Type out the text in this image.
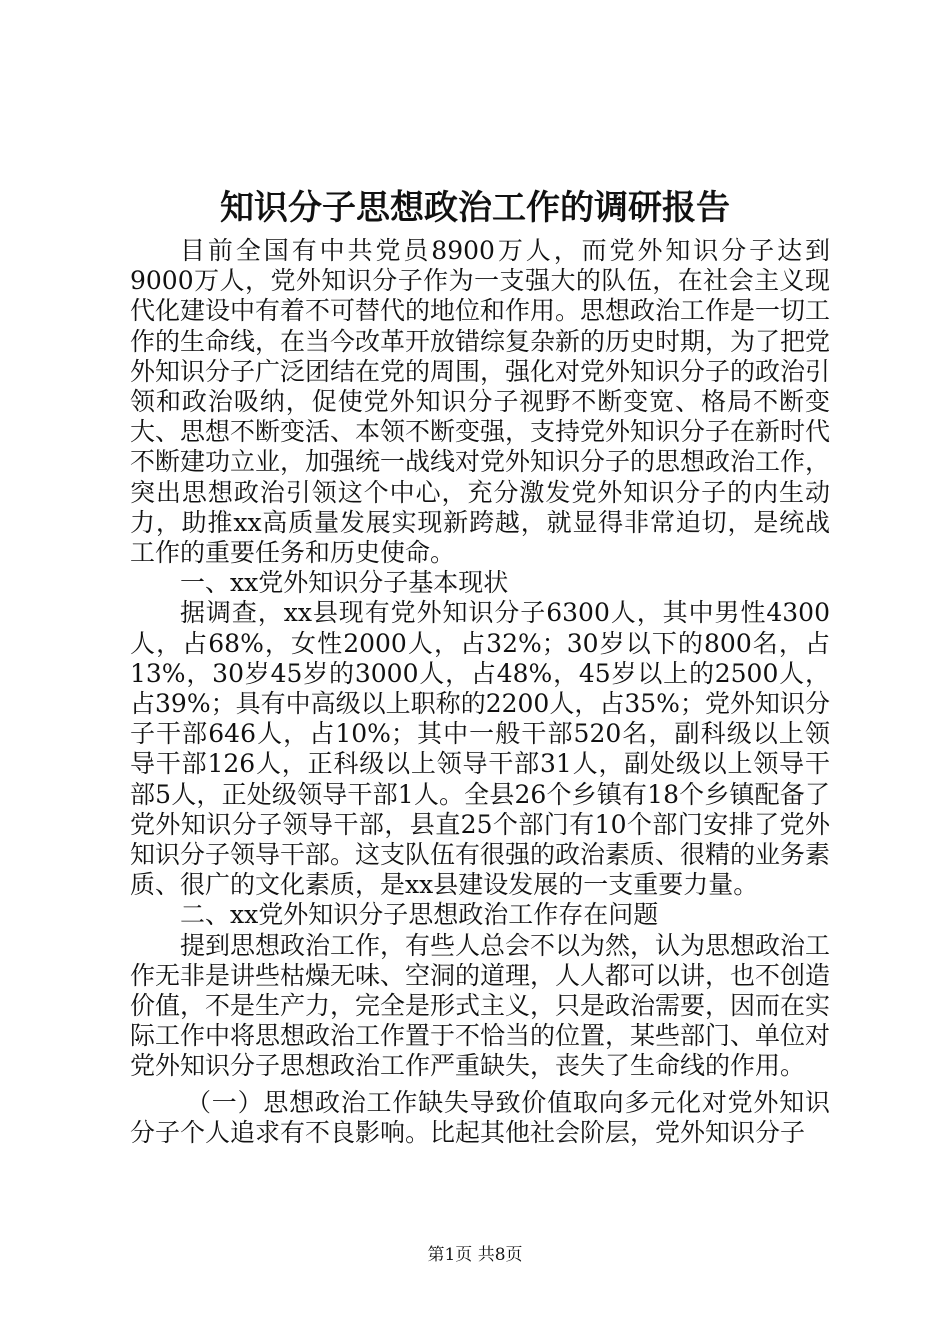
知识分子思想政治工作的调研报告

目前全国有中共党员8900万人，而党外知识分子达到9000万人，党外知识分子作为一支强大的队伍，在社会主义现代化建设中有着不可替代的地位和作用。思想政治工作是一切工作的生命线，在当今改革开放错综复杂新的历史时期，为了把党外知识分子广泛团结在党的周围，强化对党外知识分子的政治引领和政治吸纳，促使党外知识分子视野不断变宽、格局不断变大、思想不断变活、本领不断变强，支持党外知识分子在新时代不断建功立业，加强统一战线对党外知识分子的思想政治工作，突出思想政治引领这个中心，充分激发党外知识分子的内生动力，助推xx高质量发展实现新跨越，就显得非常迫切，是统战工作的重要任务和历史使命。

一、xx党外知识分子基本现状

据调查，xx县现有党外知识分子6300人，其中男性4300人，占68%，女性2000人，占32%；30岁以下的800名，占13%，30岁45岁的3000人，占48%，45岁以上的2500人，占39%；具有中高级以上职称的2200人，占35%；党外知识分子干部646人，占10%；其中一般干部520名，副科级以上领导干部126人，正科级以上领导干部31人，副处级以上领导干部5人，正处级领导干部1人。全县26个乡镇有18个乡镇配备了党外知识分子领导干部，县直25个部门有10个部门安排了党外知识分子领导干部。这支队伍有很强的政治素质、很精的业务素质、很广的文化素质，是xx县建设发展的一支重要力量。

二、xx党外知识分子思想政治工作存在问题

提到思想政治工作，有些人总会不以为然，认为思想政治工作无非是讲些枯燥无味、空洞的道理，人人都可以讲，也不创造价值，不是生产力，完全是形式主义，只是政治需要，因而在实际工作中将思想政治工作置于不恰当的位置，某些部门、单位对党外知识分子思想政治工作严重缺失，丧失了生命线的作用。

（一）思想政治工作缺失导致价值取向多元化对党外知识分子个人追求有不良影响。比起其他社会阶层，党外知识分子

第1页 共8页
